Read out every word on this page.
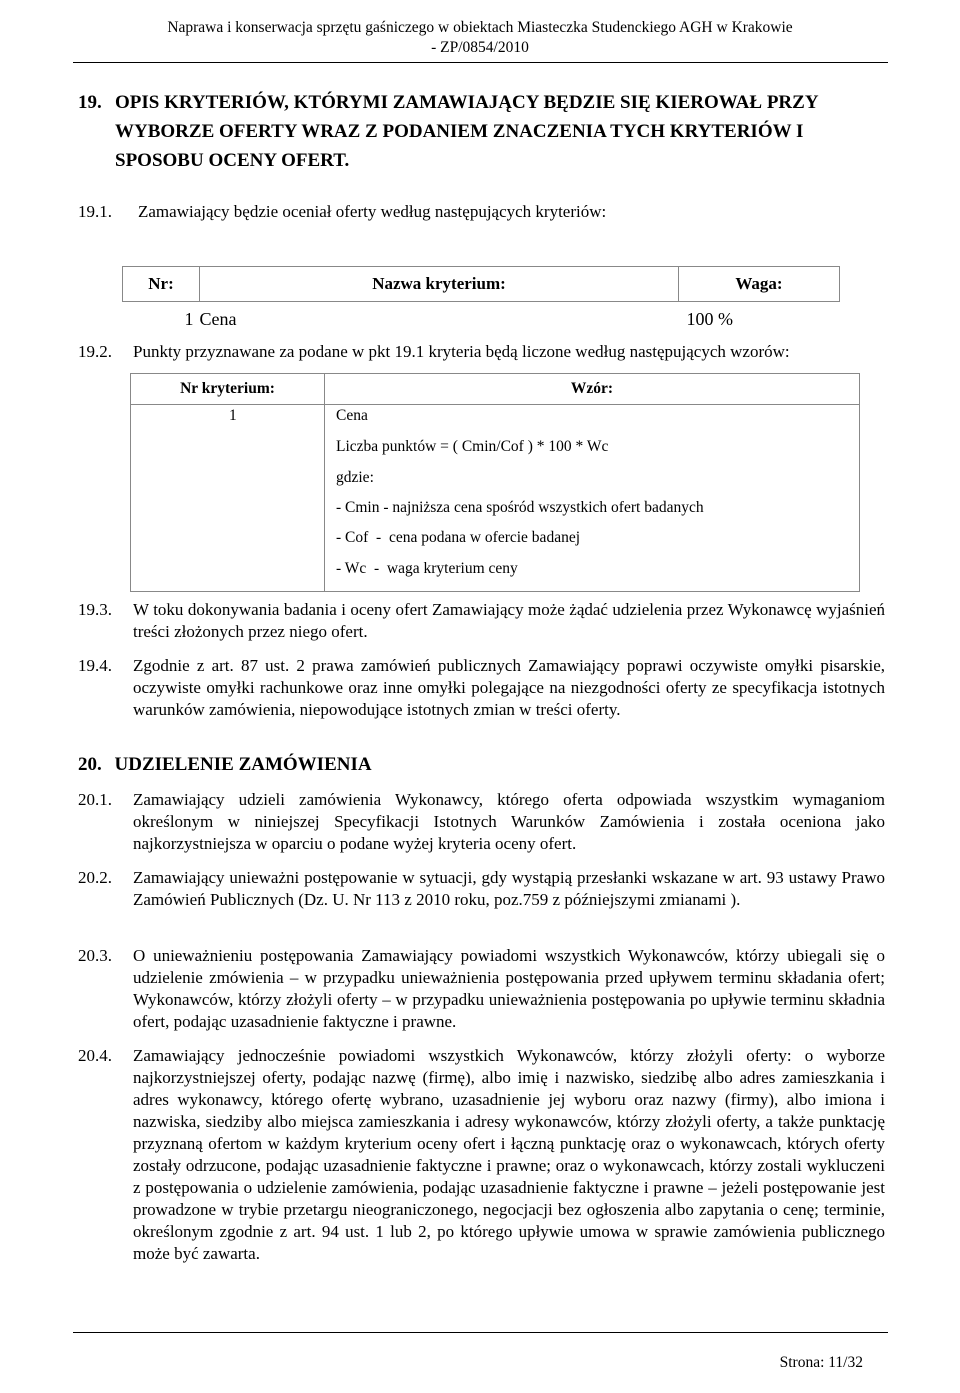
Naprawa i konserwacja sprzętu gaśniczego w obiektach Miasteczka Studenckiego AGH w Krakowie
- ZP/0854/2010
19. OPIS KRYTERIÓW, KTÓRYMI ZAMAWIAJĄCY BĘDZIE SIĘ KIEROWAŁ PRZY WYBORZE OFERTY WRAZ Z PODANIEM ZNACZENIA TYCH KRYTERIÓW I SPOSOBU OCENY OFERT.
19.1. Zamawiający będzie oceniał oferty według następujących kryteriów:
Nr:	Nazwa kryterium:	Waga:
1	Cena	100 %
19.2. Punkty przyznawane za podane w pkt 19.1 kryteria będą liczone według następujących wzorów:
Nr kryterium:	Wzór:
1	Cena
Liczba punktów = ( Cmin/Cof ) * 100 * Wc
gdzie:
- Cmin - najniższa cena spośród wszystkich ofert badanych
- Cof  -  cena podana w ofercie badanej
- Wc  -  waga kryterium ceny
19.3. W toku dokonywania badania i oceny ofert Zamawiający może żądać udzielenia przez Wykonawcę wyjaśnień treści złożonych przez niego ofert.
19.4. Zgodnie z art. 87 ust. 2 prawa zamówień publicznych Zamawiający poprawi oczywiste omyłki pisarskie, oczywiste omyłki rachunkowe oraz inne omyłki polegające na niezgodności oferty ze specyfikacja istotnych warunków zamówienia, niepowodujące istotnych zmian w treści oferty.
20. UDZIELENIE ZAMÓWIENIA
20.1. Zamawiający udzieli zamówienia Wykonawcy, którego oferta odpowiada wszystkim wymaganiom określonym w niniejszej Specyfikacji Istotnych Warunków Zamówienia i została oceniona jako najkorzystniejsza w oparciu o podane wyżej kryteria oceny ofert.
20.2. Zamawiający unieważni postępowanie w sytuacji, gdy wystąpią przesłanki wskazane w art. 93 ustawy Prawo Zamówień Publicznych (Dz. U. Nr 113 z 2010 roku, poz.759 z późniejszymi zmianami ).
20.3. O unieważnieniu postępowania Zamawiający powiadomi wszystkich Wykonawców, którzy ubiegali się o udzielenie zmówienia – w przypadku unieważnienia postępowania przed upływem terminu składania ofert; Wykonawców, którzy złożyli oferty – w przypadku unieważnienia postępowania po upływie terminu składnia ofert, podając uzasadnienie faktyczne i prawne.
20.4. Zamawiający jednocześnie powiadomi wszystkich Wykonawców, którzy złożyli oferty: o wyborze najkorzystniejszej oferty, podając nazwę (firmę), albo imię i nazwisko, siedzibę albo adres zamieszkania i adres wykonawcy, którego ofertę wybrano, uzasadnienie jej wyboru oraz nazwy (firmy), albo imiona i nazwiska, siedziby albo miejsca zamieszkania i adresy wykonawców, którzy złożyli oferty, a także punktację przyznaną ofertom w każdym kryterium oceny ofert i łączną punktację oraz o wykonawcach, których oferty zostały odrzucone, podając uzasadnienie faktyczne i prawne; oraz o wykonawcach, którzy zostali wykluczeni z postępowania o udzielenie zamówienia, podając uzasadnienie faktyczne i prawne – jeżeli postępowanie jest prowadzone w trybie przetargu nieograniczonego, negocjacji bez ogłoszenia albo zapytania o cenę; terminie, określonym zgodnie z art. 94 ust. 1 lub 2, po którego upływie umowa w sprawie zamówienia publicznego może być zawarta.
Strona: 11/32
